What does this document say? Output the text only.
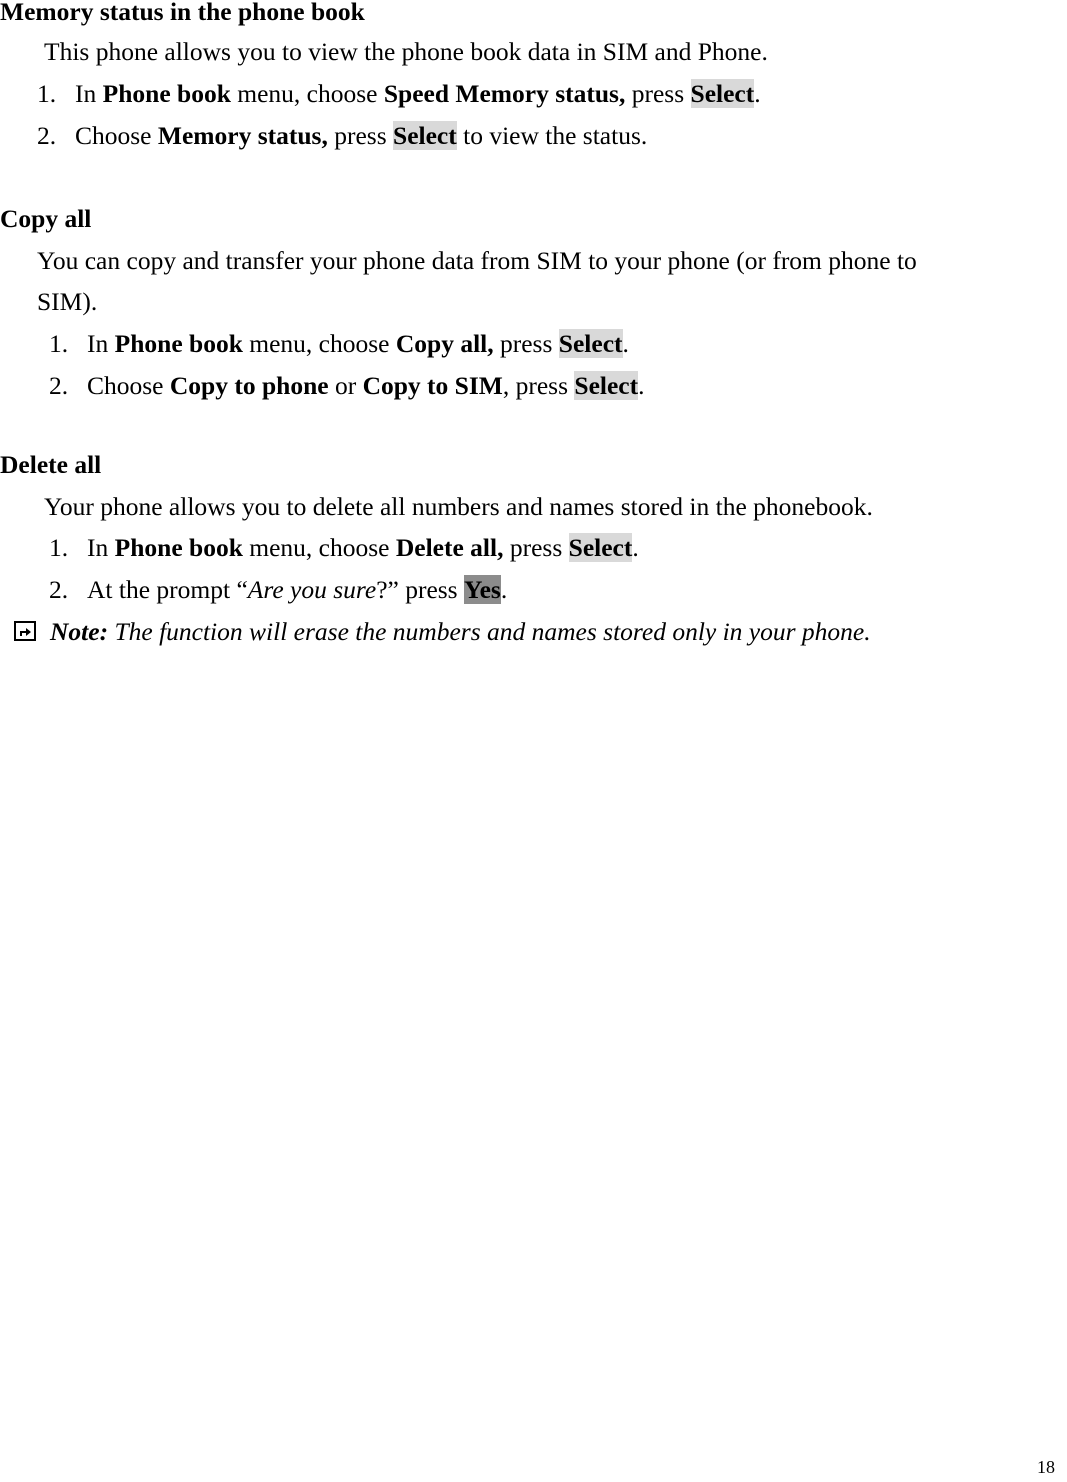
Memory status in the phone book
This phone allows you to view the phone book data in SIM and Phone.
1. In Phone book menu, choose Speed Memory status, press Select.
2. Choose Memory status, press Select to view the status.
Copy all
You can copy and transfer your phone data from SIM to your phone (or from phone to
SIM).
1. In Phone book menu, choose Copy all, press Select.
2. Choose Copy to phone or Copy to SIM, press Select.
Delete all
Your phone allows you to delete all numbers and names stored in the phonebook.
1. In Phone book menu, choose Delete all, press Select.
2. At the prompt “Are you sure?” press Yes.
Note: The function will erase the numbers and names stored only in your phone.
18
